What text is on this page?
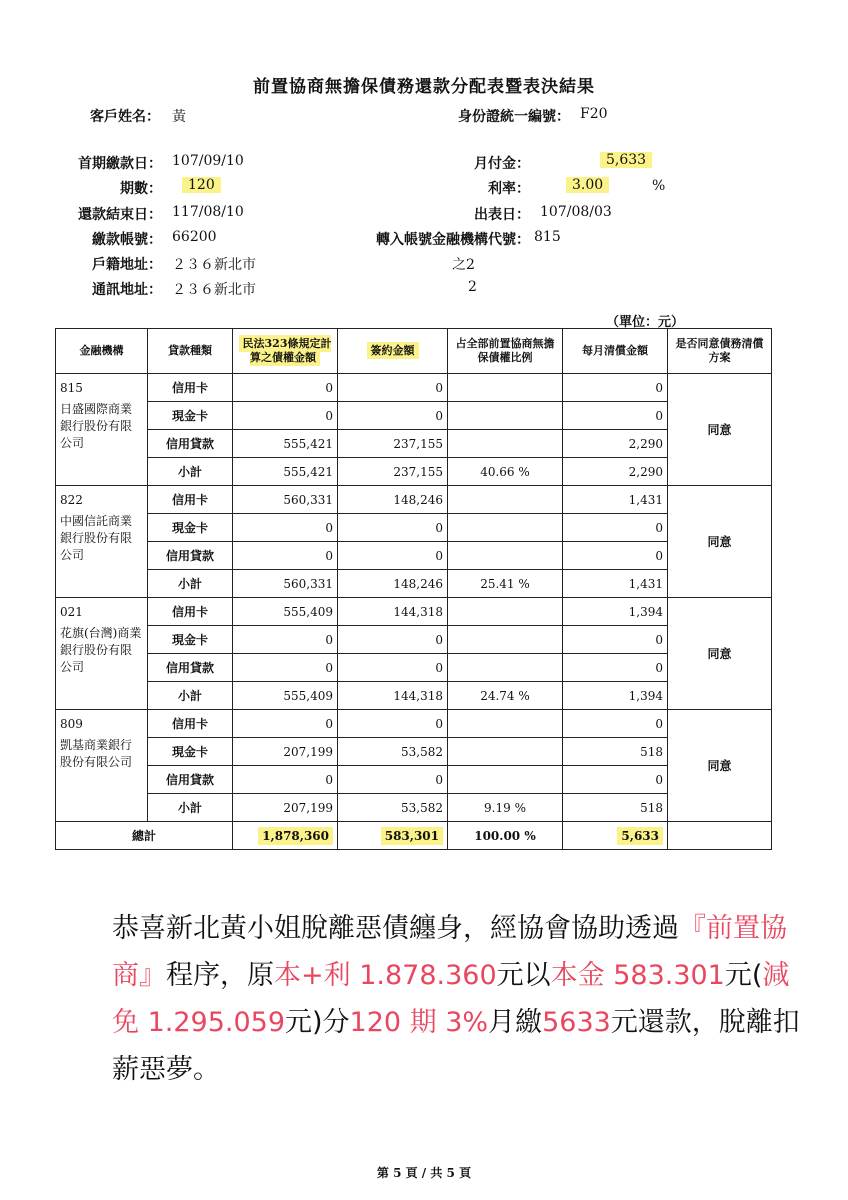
前置協商無擔保債務還款分配表暨表決結果
客戶姓名： 黃	身份證統一編號： F20
首期繳款日： 107/09/10	月付金：	5,633
期數：	120	利率：	3.00	%
還款結束日： 117/08/10	出表日： 107/08/03
繳款帳號： 66200	轉入帳號金融機構代號： 815
戶籍地址： ２３６新北市	之2
通訊地址： ２３６新北市	2
（單位：元）
金融機構	貸款種類	民法323條規定計算之債權金額	簽約金額	占全部前置協商無擔保債權比例	每月清償金額	是否同意債務清償方案

815
日盛國際商業銀行股份有限公司	信用卡	0	0		0	同意
	現金卡	0	0		0	
	信用貸款	555,421	237,155		2,290	
	小計	555,421	237,155	40.66 %	2,290	

822
中國信託商業銀行股份有限公司	信用卡	560,331	148,246		1,431	同意
	現金卡	0	0		0	
	信用貸款	0	0		0	
	小計	560,331	148,246	25.41 %	1,431	

021
花旗(台灣)商業銀行股份有限公司	信用卡	555,409	144,318		1,394	同意
	現金卡	0	0		0	
	信用貸款	0	0		0	
	小計	555,409	144,318	24.74 %	1,394	

809
凱基商業銀行股份有限公司	信用卡	0	0		0	同意
	現金卡	207,199	53,582		518	
	信用貸款	0	0		0	
	小計	207,199	53,582	9.19 %	518	
總計		1,878,360	583,301	100.00 %	5,633	
恭喜新北黃小姐脫離惡債纏身，經協會協助透過『前置協商』程序，原本+利 1.878.360元以本金 583.301元(減免 1.295.059元)分120 期 3%月繳5633元還款，脫離扣薪惡夢。
第 5 頁 / 共 5 頁
